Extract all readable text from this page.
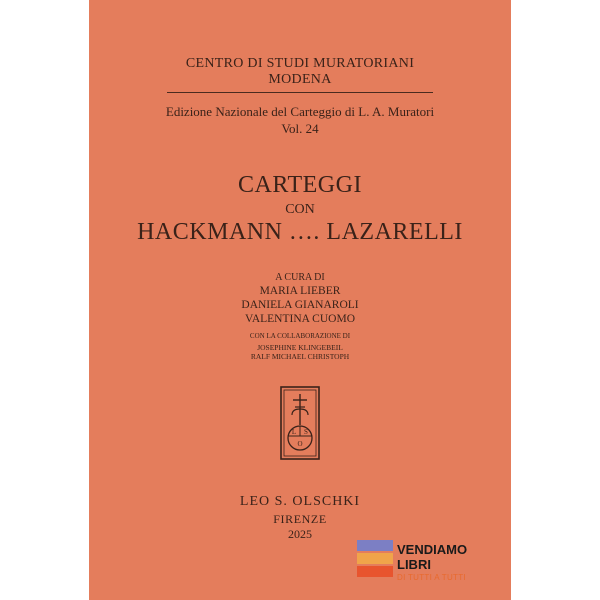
CENTRO DI STUDI MURATORIANI
MODENA
Edizione Nazionale del Carteggio di L. A. Muratori
Vol. 24
CARTEGGI
CON
HACKMANN …. LAZARELLI
A CURA DI
MARIA LIEBER
DANIELA GIANAROLI
VALENTINA CUOMO
CON LA COLLABORAZIONE DI
JOSEPHINE KLINGEBEIL
RALF MICHAEL CHRISTOPH
L S
O
LEO S. OLSCHKI
FIRENZE
2025
VENDIAMO
LIBRI
DI TUTTI A TUTTI
